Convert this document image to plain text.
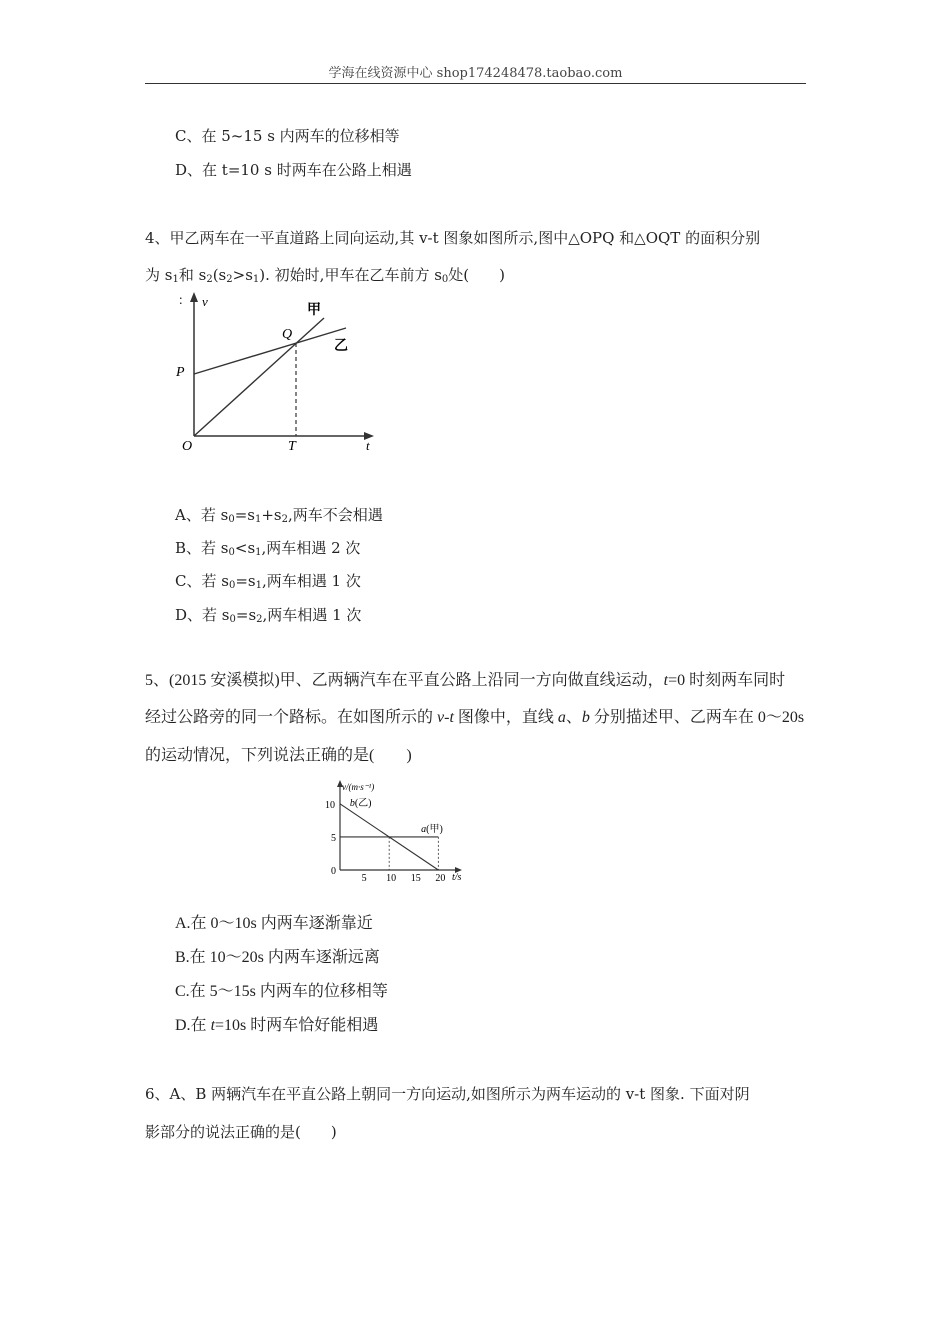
学海在线资源中心 shop174248478.taobao.com
C、在 5~15 s 内两车的位移相等
D、在 t=10 s 时两车在公路上相遇
4、甲乙两车在一平直道路上同向运动,其 v-t 图象如图所示,图中△OPQ 和△OQT 的面积分别
为 $s_1$和 $s_2(s_2>s_1)$. 初始时,甲车在乙车前方 $s_0$处(　　)
： v
t
O
P
Q
T
甲
乙
A、若 $s_0=s_1+s_2$,两车不会相遇
B、若 $s_0<s_1$,两车相遇 2 次
C、若 $s_0=s_1$,两车相遇 1 次
D、若 $s_0=s_2$,两车相遇 1 次
5、(2015 安溪模拟)甲、乙两辆汽车在平直公路上沿同一方向做直线运动，t=0 时刻两车同时
经过公路旁的同一个路标。在如图所示的 v-t 图像中，直线 a、b 分别描述甲、乙两车在 0～20s
的运动情况，下列说法正确的是(　　)
v/(m·s⁻¹)
t/s
5 10 15 20
10
5
0
a(甲)
b(乙)
A.在 0～10s 内两车逐渐靠近
B.在 10～20s 内两车逐渐远离
C.在 5～15s 内两车的位移相等
D.在 t=10s 时两车恰好能相遇
6、A、B 两辆汽车在平直公路上朝同一方向运动,如图所示为两车运动的 v-t 图象. 下面对阴
影部分的说法正确的是(　　)
